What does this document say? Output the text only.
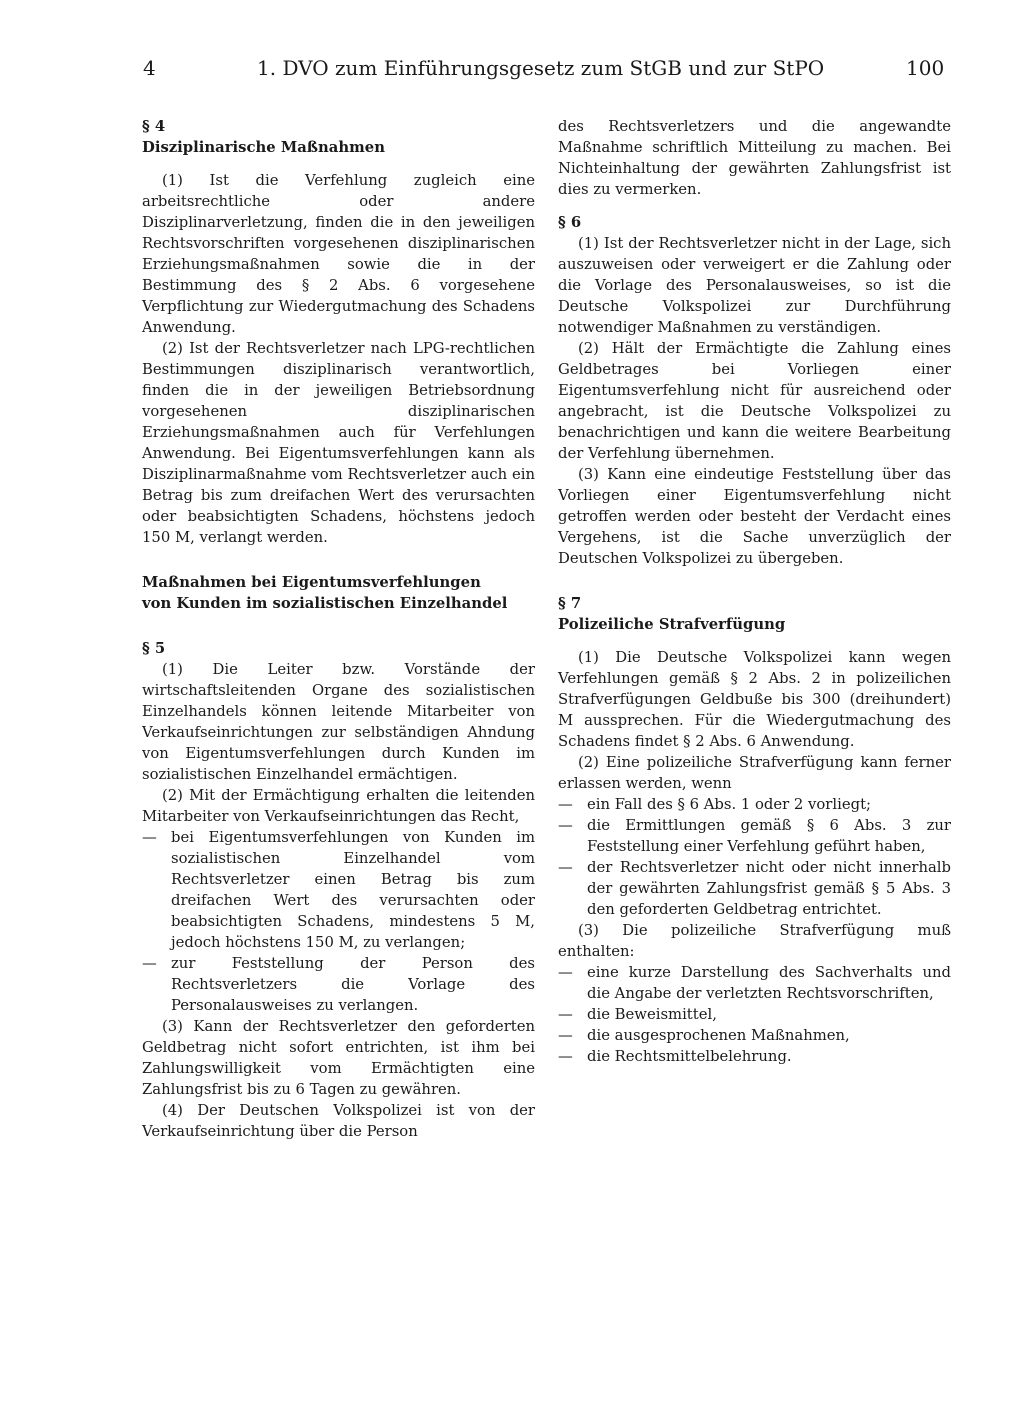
4	1. DVO zum Einführungsgesetz zum StGB und zur StPO	100

§ 4

Disziplinarische Maßnahmen

(1) Ist die Verfehlung zugleich eine arbeitsrechtliche oder andere Disziplinarverletzung, finden die in den jeweiligen Rechtsvorschriften vorgesehenen disziplinarischen Erziehungsmaßnahmen sowie die in der Bestimmung des § 2 Abs. 6 vorgesehene Verpflichtung zur Wiedergutmachung des Schadens Anwendung.

(2) Ist der Rechtsverletzer nach LPG-rechtlichen Bestimmungen disziplinarisch verantwortlich, finden die in der jeweiligen Betriebsordnung vorgesehenen disziplinarischen Erziehungsmaßnahmen auch für Verfehlungen Anwendung. Bei Eigentumsverfehlungen kann als Disziplinarmaßnahme vom Rechtsverletzer auch ein Betrag bis zum dreifachen Wert des verursachten oder beabsichtigten Schadens, höchstens jedoch 150 M, verlangt werden.

Maßnahmen bei Eigentumsverfehlungen

von Kunden im sozialistischen Einzelhandel

§ 5

(1) Die Leiter bzw. Vorstände der wirtschaftsleitenden Organe des sozialistischen Einzelhandels können leitende Mitarbeiter von Verkaufseinrichtungen zur selbständigen Ahndung von Eigentumsverfehlungen durch Kunden im sozialistischen Einzelhandel ermächtigen.

(2) Mit der Ermächtigung erhalten die leitenden Mitarbeiter von Verkaufseinrichtungen das Recht,

— bei Eigentumsverfehlungen von Kunden im sozialistischen Einzelhandel vom Rechtsverletzer einen Betrag bis zum dreifachen Wert des verursachten oder beabsichtigten Schadens, mindestens 5 M, jedoch höchstens 150 M, zu verlangen;
— zur Feststellung der Person des Rechtsverletzers die Vorlage des Personalausweises zu verlangen.

(3) Kann der Rechtsverletzer den geforderten Geldbetrag nicht sofort entrichten, ist ihm bei Zahlungswilligkeit vom Ermächtigten eine Zahlungsfrist bis zu 6 Tagen zu gewähren.

(4) Der Deutschen Volkspolizei ist von der Verkaufseinrichtung über die Person

des Rechtsverletzers und die angewandte Maßnahme schriftlich Mitteilung zu machen. Bei Nichteinhaltung der gewährten Zahlungsfrist ist dies zu vermerken.

§ 6

(1) Ist der Rechtsverletzer nicht in der Lage, sich auszuweisen oder verweigert er die Zahlung oder die Vorlage des Personalausweises, so ist die Deutsche Volkspolizei zur Durchführung notwendiger Maßnahmen zu verständigen.

(2) Hält der Ermächtigte die Zahlung eines Geldbetrages bei Vorliegen einer Eigentumsverfehlung nicht für ausreichend oder angebracht, ist die Deutsche Volkspolizei zu benachrichtigen und kann die weitere Bearbeitung der Verfehlung übernehmen.

(3) Kann eine eindeutige Feststellung über das Vorliegen einer Eigentumsverfehlung nicht getroffen werden oder besteht der Verdacht eines Vergehens, ist die Sache unverzüglich der Deutschen Volkspolizei zu übergeben.

§ 7

Polizeiliche Strafverfügung

(1) Die Deutsche Volkspolizei kann wegen Verfehlungen gemäß § 2 Abs. 2 in polizeilichen Strafverfügungen Geldbuße bis 300 (dreihundert) M aussprechen. Für die Wiedergutmachung des Schadens findet § 2 Abs. 6 Anwendung.

(2) Eine polizeiliche Strafverfügung kann ferner erlassen werden, wenn

— ein Fall des § 6 Abs. 1 oder 2 vorliegt;
— die Ermittlungen gemäß § 6 Abs. 3 zur Feststellung einer Verfehlung geführt haben,
— der Rechtsverletzer nicht oder nicht innerhalb der gewährten Zahlungsfrist gemäß § 5 Abs. 3 den geforderten Geldbetrag entrichtet.

(3) Die polizeiliche Strafverfügung muß enthalten:

— eine kurze Darstellung des Sachverhalts und die Angabe der verletzten Rechtsvorschriften,
— die Beweismittel,
— die ausgesprochenen Maßnahmen,
— die Rechtsmittelbelehrung.
